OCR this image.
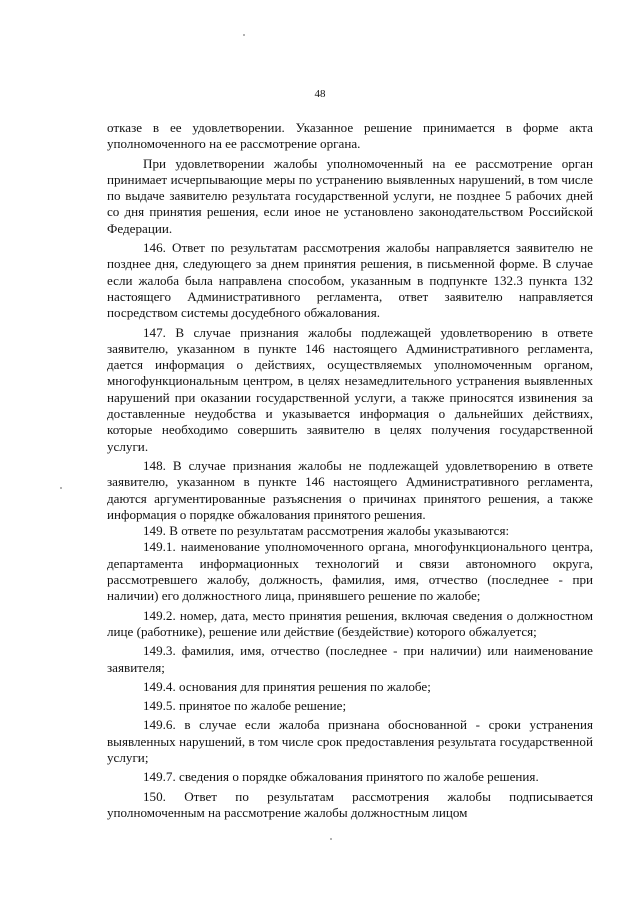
48

отказе в ее удовлетворении. Указанное решение принимается в форме акта уполномоченного на ее рассмотрение органа.

При удовлетворении жалобы уполномоченный на ее рассмотрение орган принимает исчерпывающие меры по устранению выявленных нарушений, в том числе по выдаче заявителю результата государственной услуги, не позднее 5 рабочих дней со дня принятия решения, если иное не установлено законодательством Российской Федерации.

146. Ответ по результатам рассмотрения жалобы направляется заявителю не позднее дня, следующего за днем принятия решения, в письменной форме. В случае если жалоба была направлена способом, указанным в подпункте 132.3 пункта 132 настоящего Административного регламента, ответ заявителю направляется посредством системы досудебного обжалования.

147. В случае признания жалобы подлежащей удовлетворению в ответе заявителю, указанном в пункте 146 настоящего Административного регламента, дается информация о действиях, осуществляемых уполномоченным органом, многофункциональным центром, в целях незамедлительного устранения выявленных нарушений при оказании государственной услуги, а также приносятся извинения за доставленные неудобства и указывается информация о дальнейших действиях, которые необходимо совершить заявителю в целях получения государственной услуги.

148. В случае признания жалобы не подлежащей удовлетворению в ответе заявителю, указанном в пункте 146 настоящего Административного регламента, даются аргументированные разъяснения о причинах принятого решения, а также информация о порядке обжалования принятого решения.

149. В ответе по результатам рассмотрения жалобы указываются:

149.1. наименование уполномоченного органа, многофункционального центра, департамента информационных технологий и связи автономного округа, рассмотревшего жалобу, должность, фамилия, имя, отчество (последнее - при наличии) его должностного лица, принявшего решение по жалобе;

149.2. номер, дата, место принятия решения, включая сведения о должностном лице (работнике), решение или действие (бездействие) которого обжалуется;

149.3. фамилия, имя, отчество (последнее - при наличии) или наименование заявителя;

149.4. основания для принятия решения по жалобе;

149.5. принятое по жалобе решение;

149.6. в случае если жалоба признана обоснованной - сроки устранения выявленных нарушений, в том числе срок предоставления результата государственной услуги;

149.7. сведения о порядке обжалования принятого по жалобе решения.

150. Ответ по результатам рассмотрения жалобы подписывается уполномоченным на рассмотрение жалобы должностным лицом
